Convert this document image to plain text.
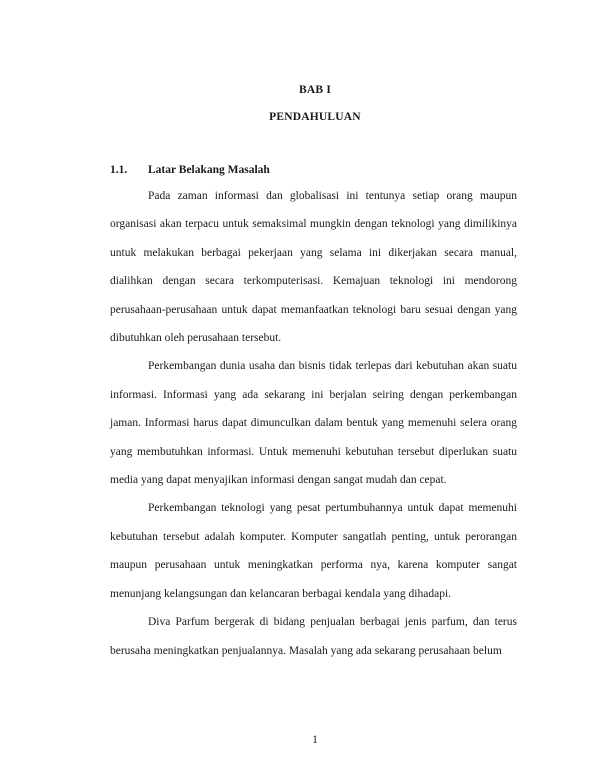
BAB I
PENDAHULUAN
1.1. Latar Belakang Masalah

Pada zaman informasi dan globalisasi ini tentunya setiap orang maupun organisasi akan terpacu untuk semaksimal mungkin dengan teknologi yang dimilikinya untuk melakukan berbagai pekerjaan yang selama ini dikerjakan secara manual, dialihkan dengan secara terkomputerisasi. Kemajuan teknologi ini mendorong perusahaan-perusahaan untuk dapat memanfaatkan teknologi baru sesuai dengan yang dibutuhkan oleh perusahaan tersebut.

Perkembangan dunia usaha dan bisnis tidak terlepas dari kebutuhan akan suatu informasi. Informasi yang ada sekarang ini berjalan seiring dengan perkembangan jaman. Informasi harus dapat dimunculkan dalam bentuk yang memenuhi selera orang yang membutuhkan informasi. Untuk memenuhi kebutuhan tersebut diperlukan suatu media yang dapat menyajikan informasi dengan sangat mudah dan cepat.

Perkembangan teknologi yang pesat pertumbuhannya untuk dapat memenuhi kebutuhan tersebut adalah komputer. Komputer sangatlah penting, untuk perorangan maupun perusahaan untuk meningkatkan performa nya, karena komputer sangat menunjang kelangsungan dan kelancaran berbagai kendala yang dihadapi.

Diva Parfum bergerak di bidang penjualan berbagai jenis parfum, dan terus berusaha meningkatkan penjualannya. Masalah yang ada sekarang perusahaan belum

1
